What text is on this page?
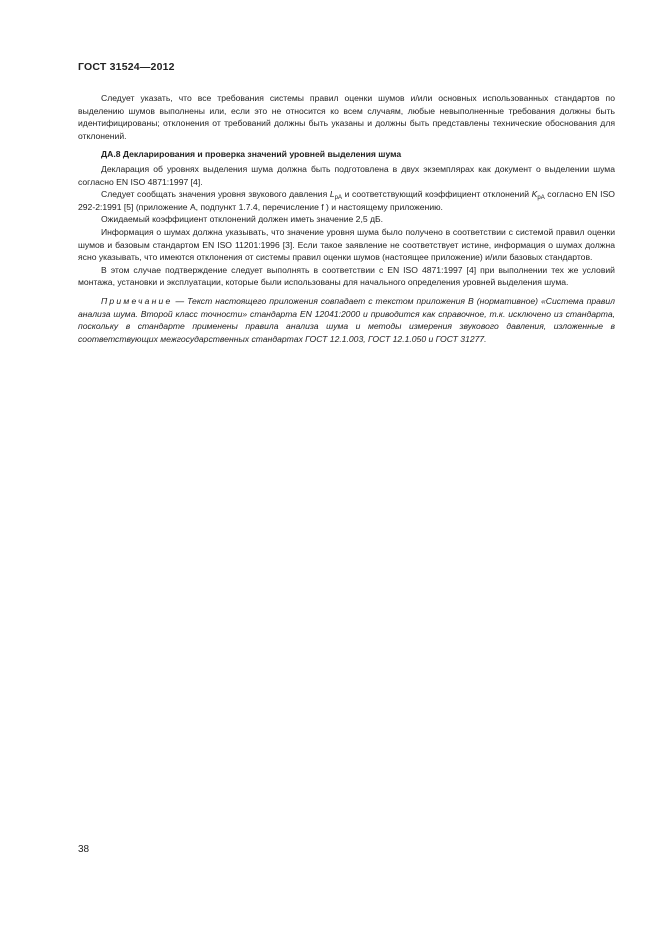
ГОСТ 31524—2012

Следует указать, что все требования системы правил оценки шумов и/или основных использованных стандартов по выделению шумов выполнены или, если это не относится ко всем случаям, любые невыполненные требования должны быть идентифицированы; отклонения от требований должны быть указаны и должны быть представлены технические обоснования для отклонений.

ДА.8 Декларирования и проверка значений уровней выделения шума

Декларация об уровнях выделения шума должна быть подготовлена в двух экземплярах как документ о выделении шума согласно EN ISO 4871:1997 [4].

Следует сообщать значения уровня звукового давления $L_{pA}$ и соответствующий коэффициент отклонений $K_{pA}$ согласно EN ISO 292-2:1991 [5] (приложение А, подпункт 1.7.4, перечисление f ) и настоящему приложению.

Ожидаемый коэффициент отклонений должен иметь значение 2,5 дБ.

Информация о шумах должна указывать, что значение уровня шума было получено в соответствии с системой правил оценки шумов и базовым стандартом EN ISO 11201:1996 [3]. Если такое заявление не соответствует истине, информация о шумах должна ясно указывать, что имеются отклонения от системы правил оценки шумов (настоящее приложение) и/или базовых стандартов.

В этом случае подтверждение следует выполнять в соответствии с EN ISO 4871:1997 [4] при выполнении тех же условий монтажа, установки и эксплуатации, которые были использованы для начального определения уровней выделения шума.

Примечание — Текст настоящего приложения совпадает с текстом приложения В (нормативное) «Система правил анализа шума. Второй класс точности» стандарта EN 12041:2000 и приводится как справочное, т.к. исключено из стандарта, поскольку в стандарте применены правила анализа шума и методы измерения звукового давления, изложенные в соответствующих межгосударственных стандартах ГОСТ 12.1.003, ГОСТ 12.1.050 и ГОСТ 31277.

38
